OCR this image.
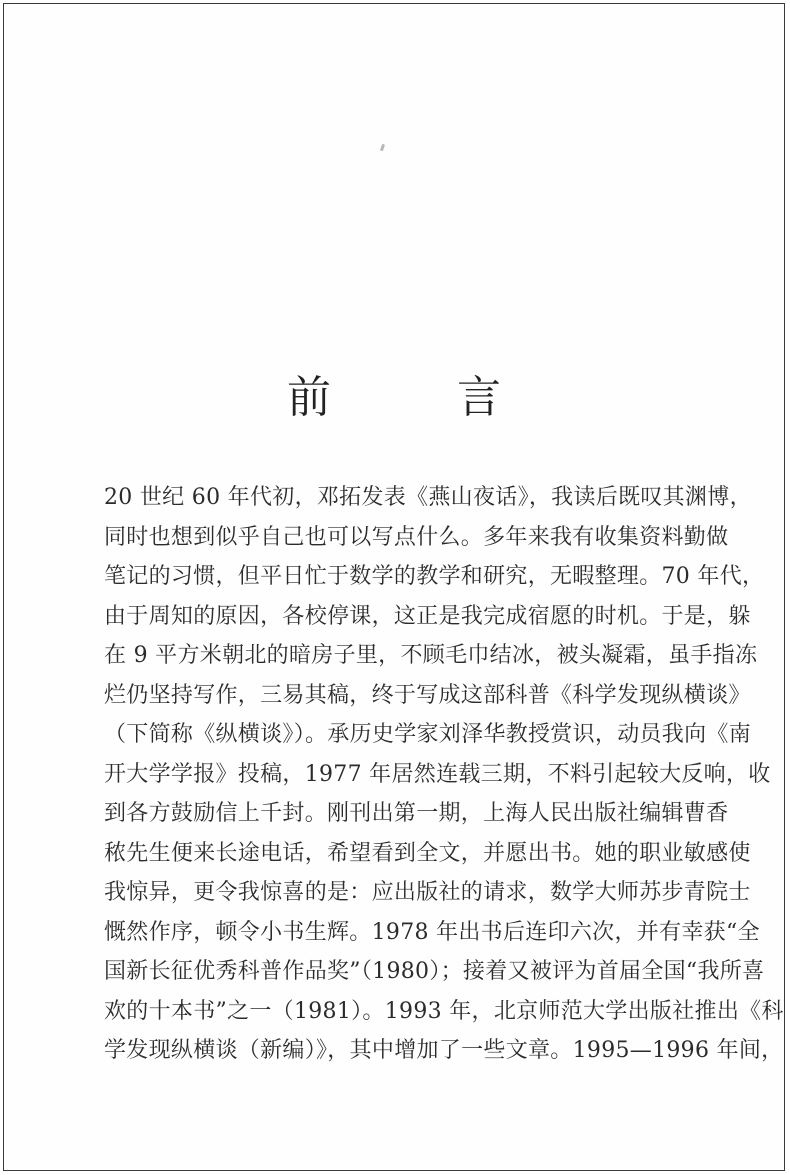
前 言
20 世纪 60 年代初，邓拓发表《燕山夜话》，我读后既叹其渊博，
同时也想到似乎自己也可以写点什么。多年来我有收集资料勤做
笔记的习惯，但平日忙于数学的教学和研究，无暇整理。70 年代，
由于周知的原因，各校停课，这正是我完成宿愿的时机。于是，躲
在 9 平方米朝北的暗房子里，不顾毛巾结冰，被头凝霜，虽手指冻
烂仍坚持写作，三易其稿，终于写成这部科普《科学发现纵横谈》
（下简称《纵横谈》）。承历史学家刘泽华教授赏识，动员我向《南
开大学学报》投稿，1977 年居然连载三期，不料引起较大反响，收
到各方鼓励信上千封。刚刊出第一期，上海人民出版社编辑曹香
秾先生便来长途电话，希望看到全文，并愿出书。她的职业敏感使
我惊异，更令我惊喜的是：应出版社的请求，数学大师苏步青院士
慨然作序，顿令小书生辉。1978 年出书后连印六次，并有幸获“全
国新长征优秀科普作品奖”（1980）；接着又被评为首届全国“我所喜
欢的十本书”之一（1981）。1993 年，北京师范大学出版社推出《科
学发现纵横谈（新编）》，其中增加了一些文章。1995—1996 年间，
